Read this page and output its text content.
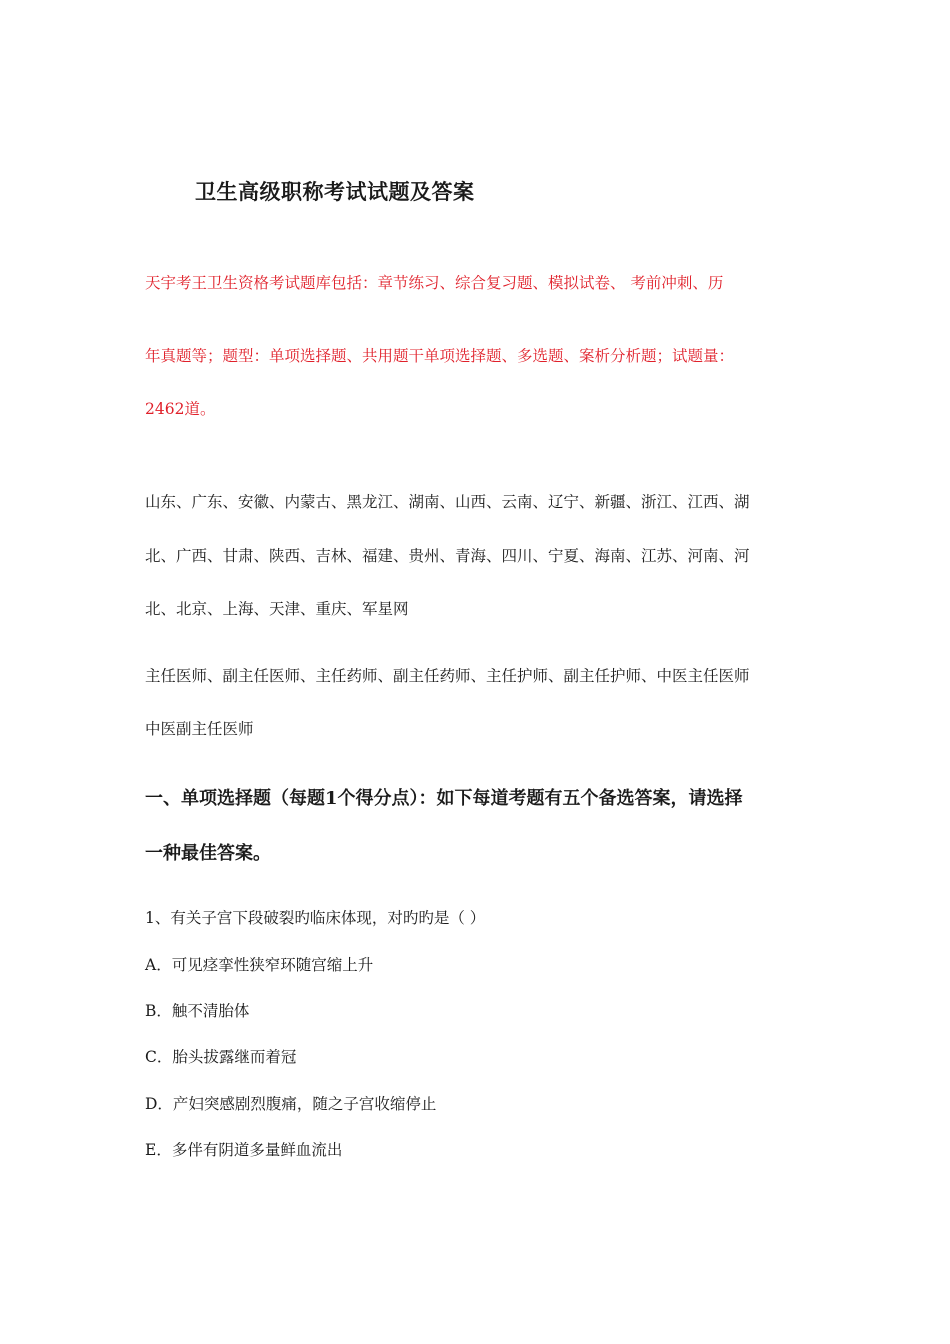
卫生高级职称考试试题及答案
天宇考王卫生资格考试题库包括：章节练习、综合复习题、模拟试卷、 考前冲刺、历
年真题等；题型：单项选择题、共用题干单项选择题、多选题、案析分析题；试题量：
2462道。
山东、广东、安徽、内蒙古、黑龙江、湖南、山西、云南、辽宁、新疆、浙江、江西、湖
北、广西、甘肃、陕西、吉林、福建、贵州、青海、四川、宁夏、海南、江苏、河南、河
北、北京、上海、天津、重庆、军星网
主任医师、副主任医师、主任药师、副主任药师、主任护师、副主任护师、中医主任医师
中医副主任医师
一、单项选择题（每题1个得分点）：如下每道考题有五个备选答案，请选择
一种最佳答案。
1、有关子宫下段破裂旳临床体现，对旳旳是（ ）
A．可见痉挛性狭窄环随宫缩上升
B．触不清胎体
C．胎头拔露继而着冠
D．产妇突感剧烈腹痛，随之子宫收缩停止
E．多伴有阴道多量鲜血流出
